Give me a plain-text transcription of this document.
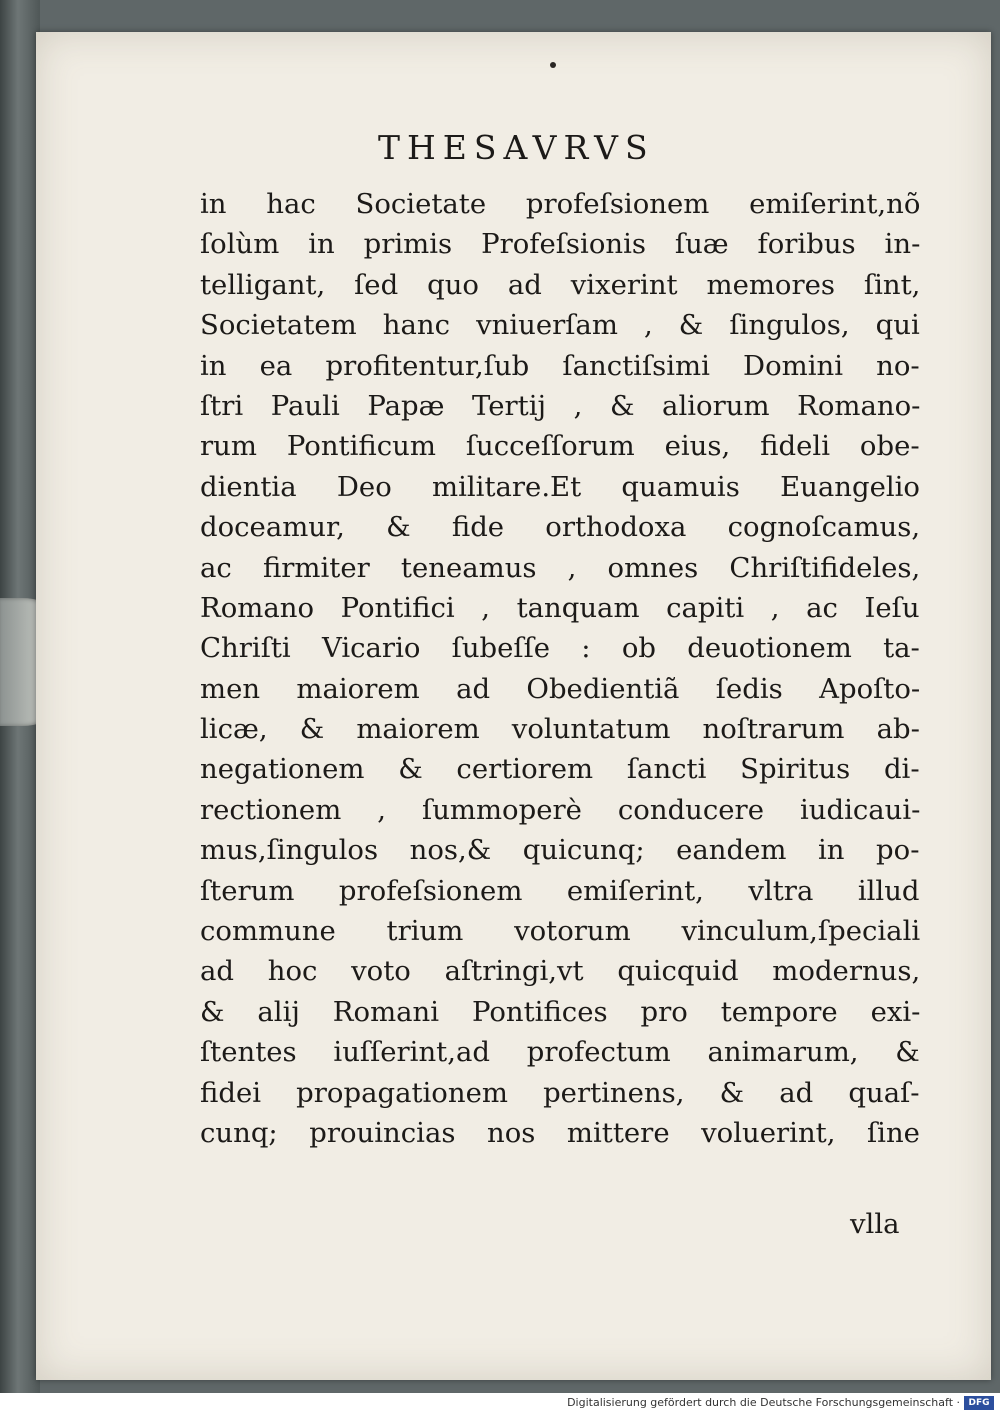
THESAVRVS
in hac Societate profeſsionem emiſerint,nõ
ſolùm in primis Profeſsionis ſuæ foribus in-
telligant, ſed quo ad vixerint memores ſint,
Societatem hanc vniuerſam , & ſingulos, qui
in ea profitentur,ſub ſanctiſsimi Domini no-
ſtri Pauli Papæ Tertij , & aliorum Romano-
rum Pontificum ſucceſſorum eius, fideli obe-
dientia Deo militare.Et quamuis Euangelio
doceamur, & fide orthodoxa cognoſcamus,
ac firmiter teneamus , omnes Chriſtifideles,
Romano Pontifici , tanquam capiti , ac Ieſu
Chriſti Vicario ſubeſſe : ob deuotionem ta-
men maiorem ad Obedientiã ſedis Apoſto-
licæ, & maiorem voluntatum noſtrarum ab-
negationem & certiorem ſancti Spiritus di-
rectionem , ſummoperè conducere iudicaui-
mus,ſingulos nos,& quicunq; eandem in po-
ſterum profeſsionem emiſerint, vltra illud
commune trium votorum vinculum,ſpeciali
ad hoc voto aſtringi,vt quicquid modernus,
& alij Romani Pontifices pro tempore exi-
ſtentes iuſſerint,ad profectum animarum, &
fidei propagationem pertinens, & ad quaſ-
cunq; prouincias nos mittere voluerint, ſine
vlla
Digitalisierung gefördert durch die Deutsche Forschungsgemeinschaft · DFG
